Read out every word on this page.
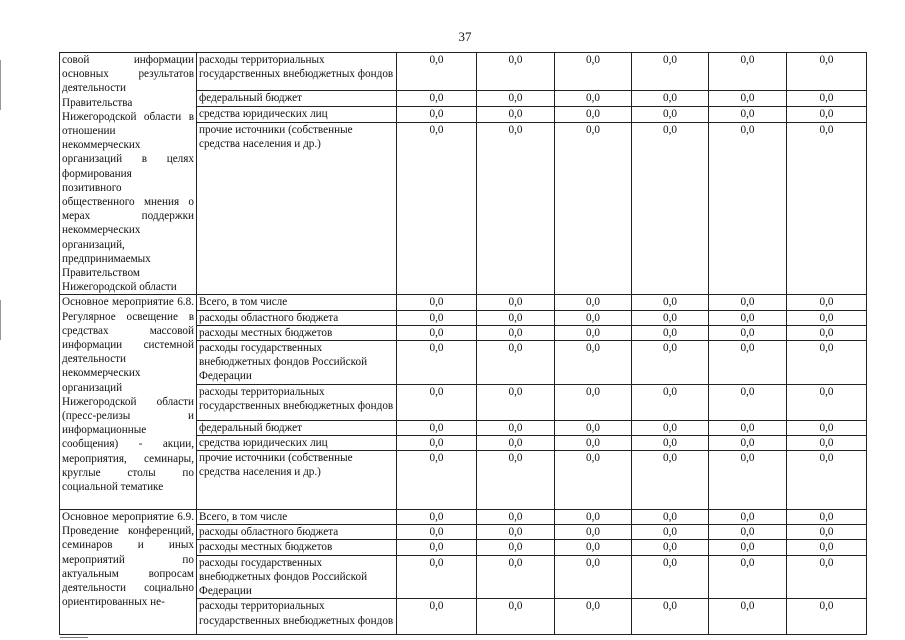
37
совой информации основных результатов деятельности Правительства Нижегородской области в отношении некоммерческих организаций в целях формирования позитивного общественного мнения о мерах поддержки некоммерческих организаций, предпринимаемых Правительством Нижегородской области	расходы территориальных государственных внебюджетных фондов	0,0	0,0	0,0	0,0	0,0	0,0
	федеральный бюджет	0,0	0,0	0,0	0,0	0,0	0,0
	средства юридических лиц	0,0	0,0	0,0	0,0	0,0	0,0
	прочие источники (собственные средства населения и др.)	0,0	0,0	0,0	0,0	0,0	0,0
Основное мероприятие 6.8. Регулярное освещение в средствах массовой информации системной деятельности некоммерческих организаций Нижегородской области (пресс-релизы и информационные сообщения) - акции, мероприятия, семинары, круглые столы по социальной тематике	Всего, в том числе	0,0	0,0	0,0	0,0	0,0	0,0
	расходы областного бюджета	0,0	0,0	0,0	0,0	0,0	0,0
	расходы местных бюджетов	0,0	0,0	0,0	0,0	0,0	0,0
	расходы государственных внебюджетных фондов Российской Федерации	0,0	0,0	0,0	0,0	0,0	0,0
	расходы территориальных государственных внебюджетных фондов	0,0	0,0	0,0	0,0	0,0	0,0
	федеральный бюджет	0,0	0,0	0,0	0,0	0,0	0,0
	средства юридических лиц	0,0	0,0	0,0	0,0	0,0	0,0
	прочие источники (собственные средства населения и др.)	0,0	0,0	0,0	0,0	0,0	0,0
Основное мероприятие 6.9. Проведение конференций, семинаров и иных мероприятий по актуальным вопросам деятельности социально ориентированных не-	Всего, в том числе	0,0	0,0	0,0	0,0	0,0	0,0
	расходы областного бюджета	0,0	0,0	0,0	0,0	0,0	0,0
	расходы местных бюджетов	0,0	0,0	0,0	0,0	0,0	0,0
	расходы государственных внебюджетных фондов Российской Федерации	0,0	0,0	0,0	0,0	0,0	0,0
	расходы территориальных государственных внебюджетных фондов	0,0	0,0	0,0	0,0	0,0	0,0
